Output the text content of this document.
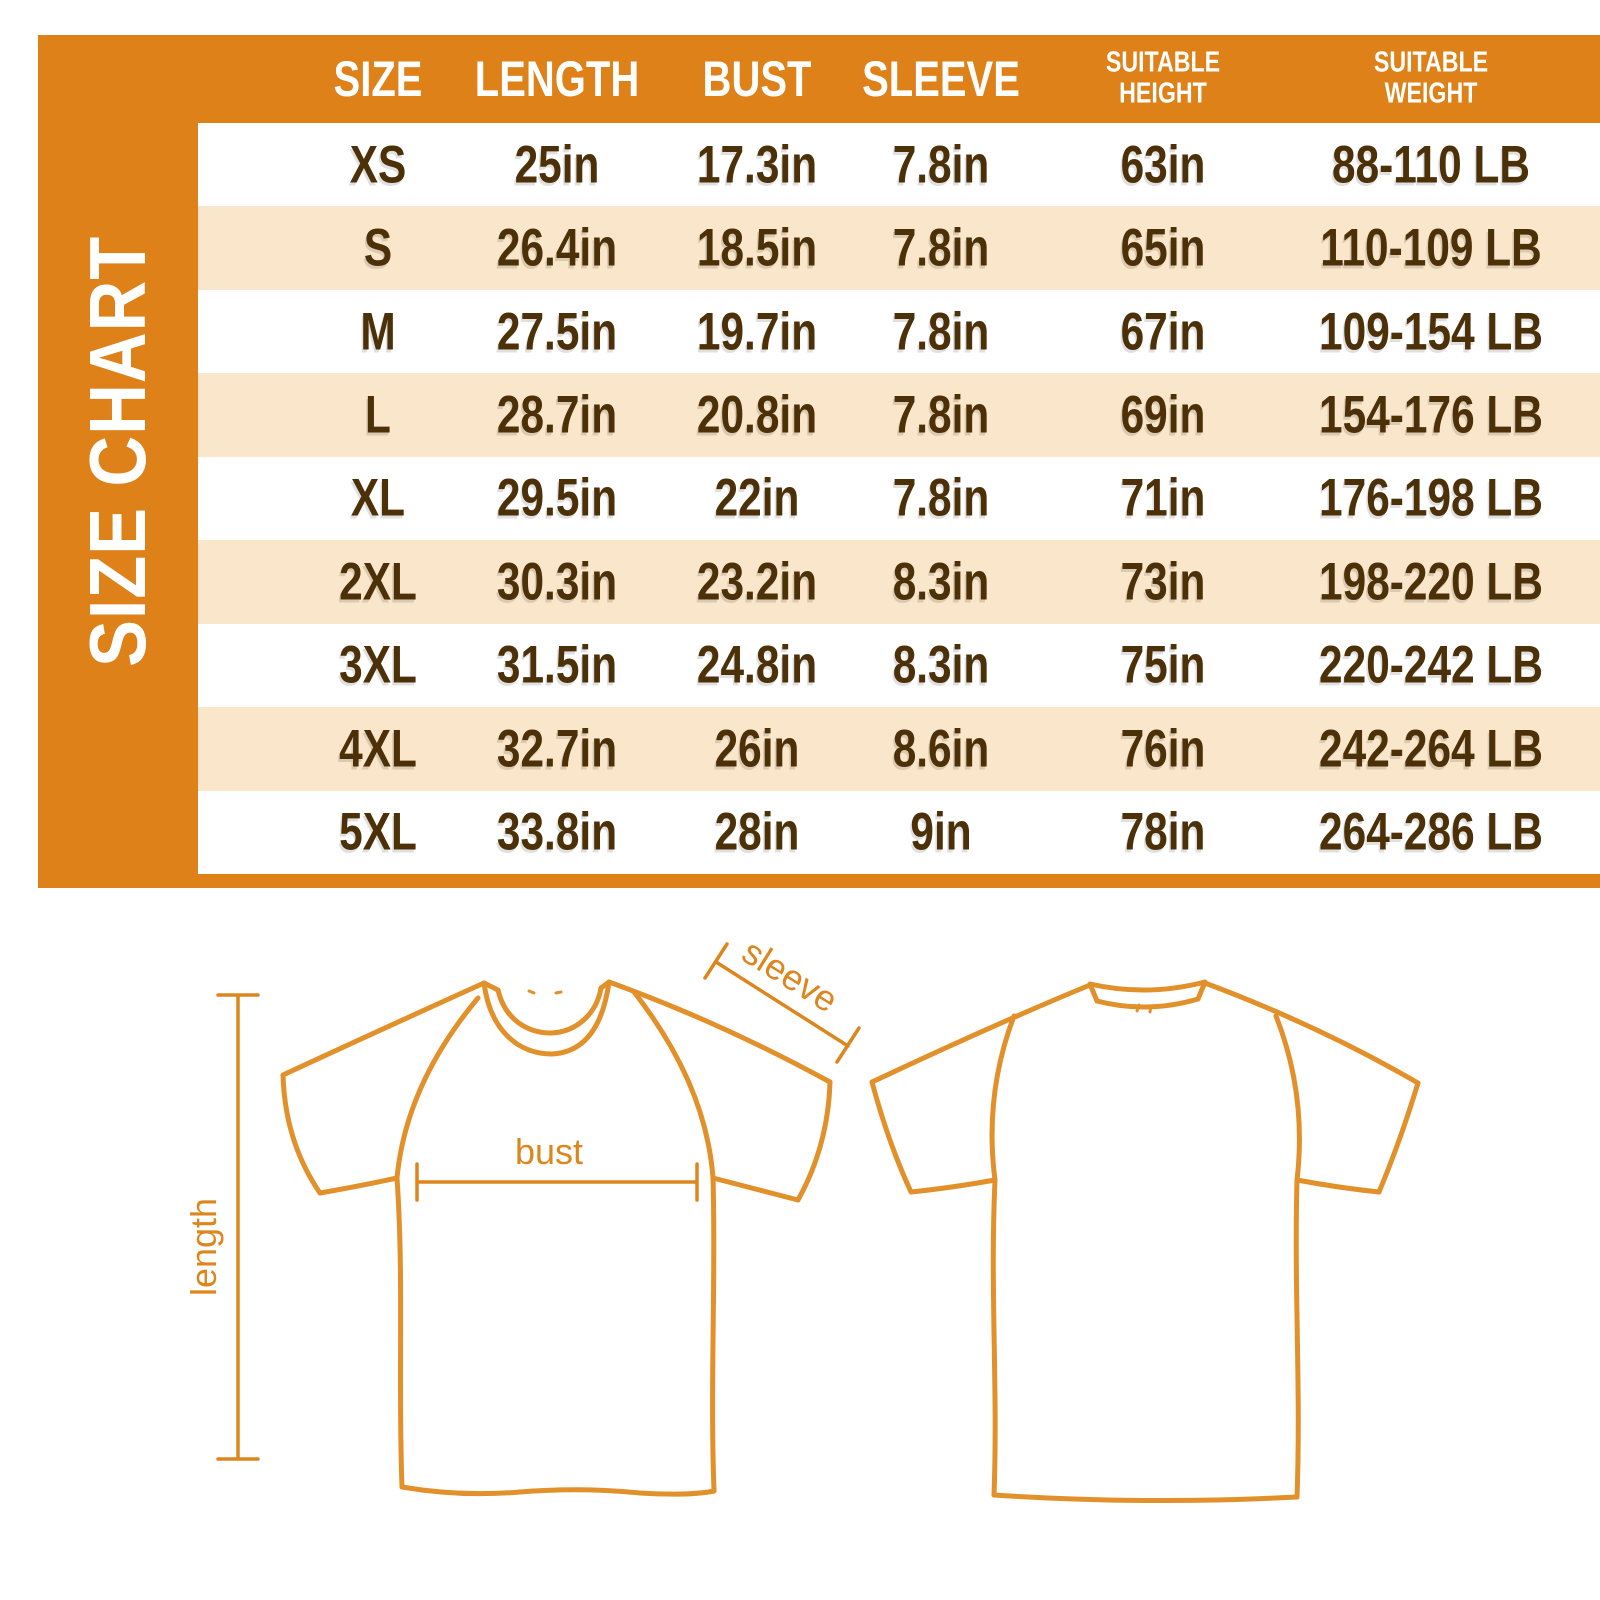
SIZE CHART
SIZE LENGTH BUST SLEEVE	SUITABLE
HEIGHT
SUITABLE
WEIGHT
XS 25in 17.3in 7.8in 63in 88-110 LB
S 26.4in 18.5in 7.8in 65in 110-109 LB
M 27.5in 19.7in 7.8in 67in 109-154 LB
L 28.7in 20.8in 7.8in 69in 154-176 LB
XL 29.5in 22in 7.8in 71in 176-198 LB
2XL 30.3in 23.2in 8.3in 73in 198-220 LB
3XL 31.5in 24.8in 8.3in 75in 220-242 LB
4XL 32.7in 26in 8.6in 76in 242-264 LB
5XL 33.8in 28in 9in	78in 264-286 LB
length
bust
sleeve
